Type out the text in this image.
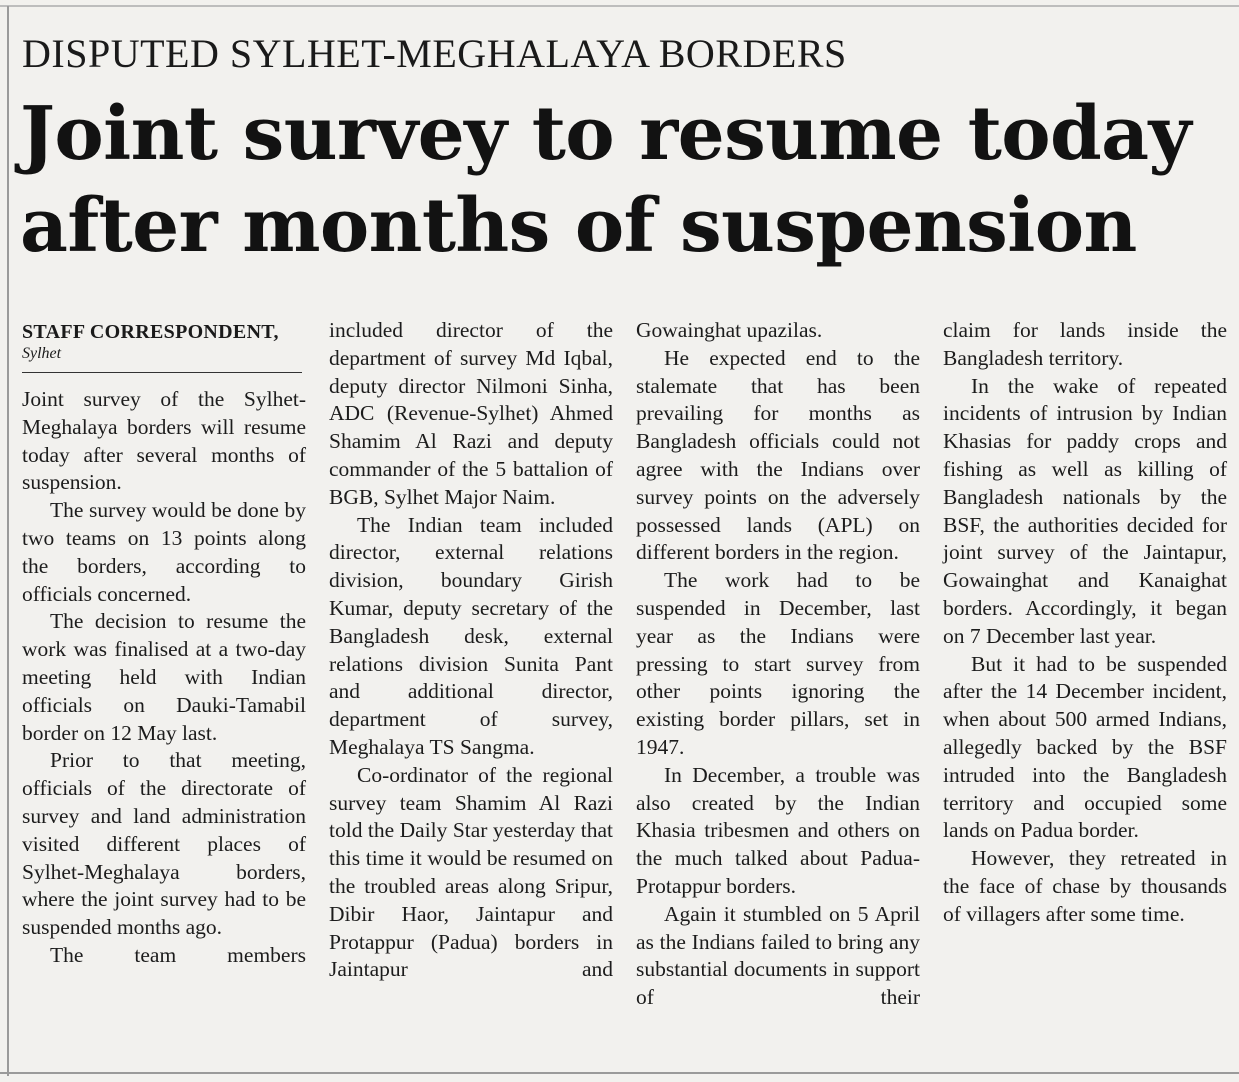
DISPUTED SYLHET-MEGHALAYA BORDERS
Joint survey to resume today
after months of suspension
STAFF CORRESPONDENT,
Sylhet

Joint survey of the Sylhet-Meghalaya borders will resume today after several months of suspension.

The survey would be done by two teams on 13 points along the borders, according to officials concerned.

The decision to resume the work was finalised at a two-day meeting held with Indian officials on Dauki-Tamabil border on 12 May last.

Prior to that meeting, officials of the directorate of survey and land administration visited different places of Sylhet-Meghalaya borders, where the joint survey had to be suspended months ago.

The team members

included director of the department of survey Md Iqbal, deputy director Nilmoni Sinha, ADC (Revenue-Sylhet) Ahmed Shamim Al Razi and deputy commander of the 5 battalion of BGB, Sylhet Major Naim.

The Indian team included director, external relations division, boundary Girish Kumar, deputy secretary of the Bangladesh desk, external relations division Sunita Pant and additional director, department of survey, Meghalaya TS Sangma.

Co-ordinator of the regional survey team Shamim Al Razi told the Daily Star yesterday that this time it would be resumed on the troubled areas along Sripur, Dibir Haor, Jaintapur and Protappur (Padua) borders in Jaintapur and

Gowainghat upazilas.

He expected end to the stalemate that has been prevailing for months as Bangladesh officials could not agree with the Indians over survey points on the adversely possessed lands (APL) on different borders in the region.

The work had to be suspended in December, last year as the Indians were pressing to start survey from other points ignoring the existing border pillars, set in 1947.

In December, a trouble was also created by the Indian Khasia tribesmen and others on the much talked about Padua-Protappur borders.

Again it stumbled on 5 April as the Indians failed to bring any substantial documents in support of their

claim for lands inside the Bangladesh territory.

In the wake of repeated incidents of intrusion by Indian Khasias for paddy crops and fishing as well as killing of Bangladesh nationals by the BSF, the authorities decided for joint survey of the Jaintapur, Gowainghat and Kanaighat borders. Accordingly, it began on 7 December last year.

But it had to be suspended after the 14 December incident, when about 500 armed Indians, allegedly backed by the BSF intruded into the Bangladesh territory and occupied some lands on Padua border.

However, they retreated in the face of chase by thousands of villagers after some time.
